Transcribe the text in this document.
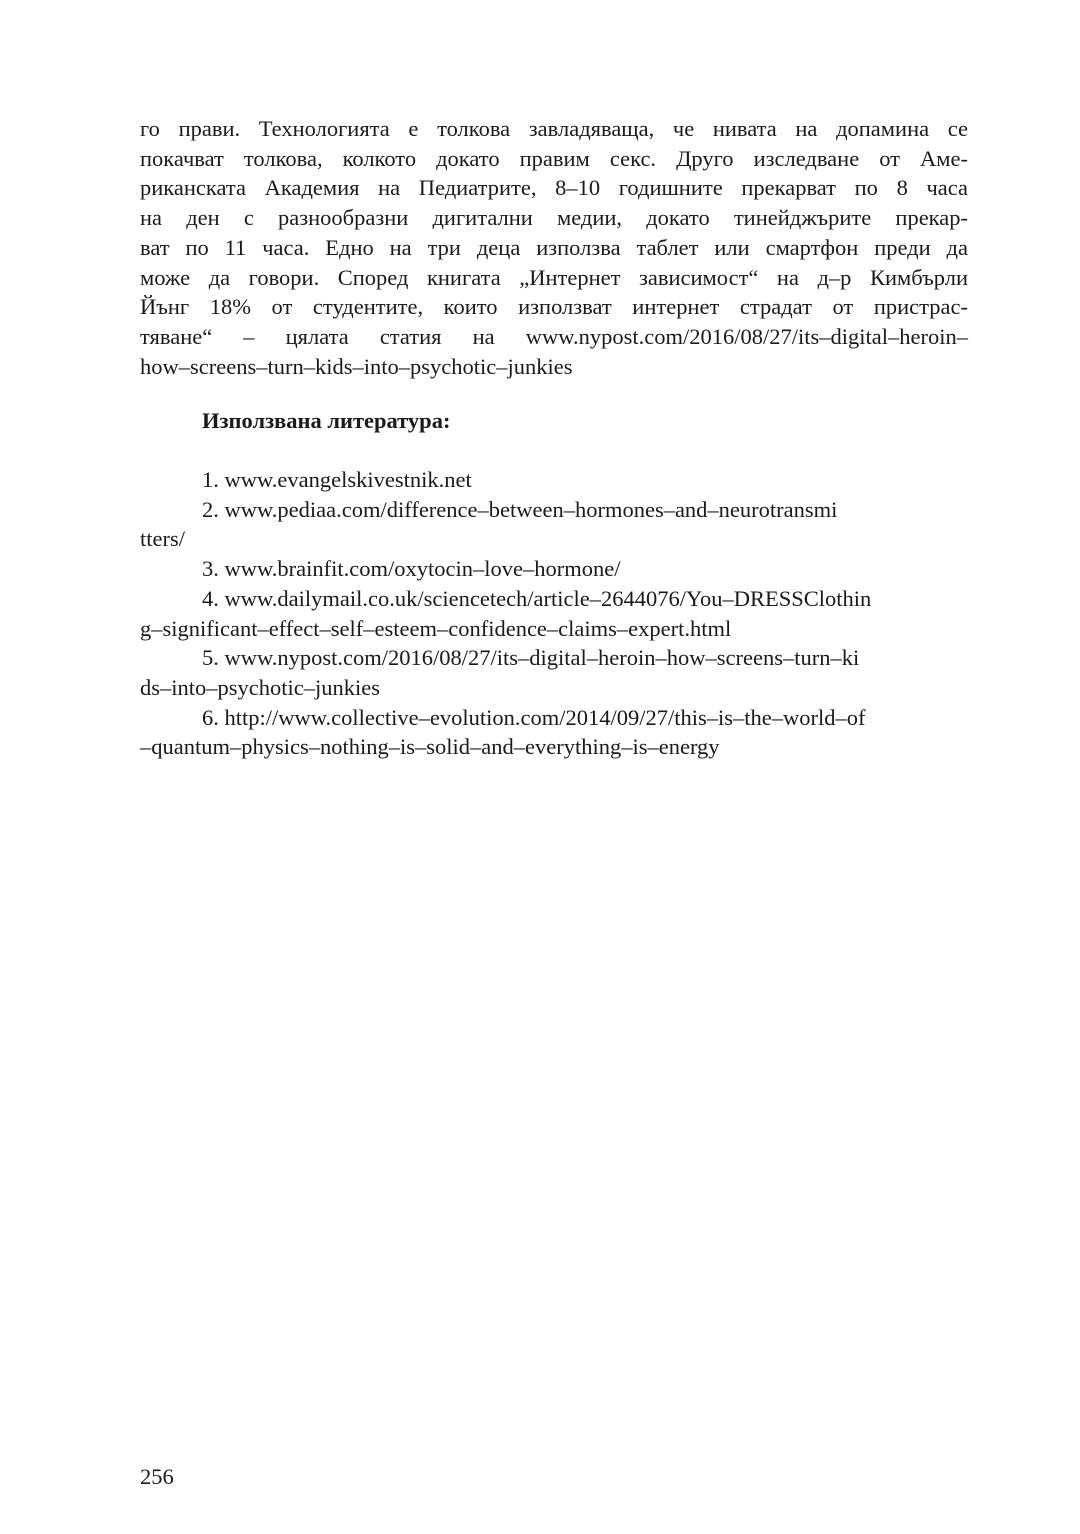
го прави. Технологията е толкова завладяваща, че нивата на допамина се
покачват толкова, колкото докато правим секс. Друго изследване от Аме-
риканската Академия на Педиатрите, 8–10 годишните прекарват по 8 часа
на ден с разнообразни дигитални медии, докато тинейджърите прекар-
ват по 11 часа. Едно на три деца използва таблет или смартфон преди да
може да говори. Според книгата „Интернет зависимост“ на д–р Кимбърли
Йънг 18% от студентите, които използват интернет страдат от пристрас-
тяване“ – цялата статия на www.nypost.com/2016/08/27/its–digital–heroin–
how–screens–turn–kids–into–psychotic–junkies
Използвана литература:
1. www.evangelskivestnik.net
2. www.pediaa.com/difference–between–hormones–and–neurotransmi
tters/
3. www.brainfit.com/oxytocin–love–hormone/
4. www.dailymail.co.uk/sciencetech/article–2644076/You–DRESSClothin
g–significant–effect–self–esteem–confidence–claims–expert.html
5. www.nypost.com/2016/08/27/its–digital–heroin–how–screens–turn–ki
ds–into–psychotic–junkies
6. http://www.collective–evolution.com/2014/09/27/this–is–the–world–of
–quantum–physics–nothing–is–solid–and–everything–is–energy
256
